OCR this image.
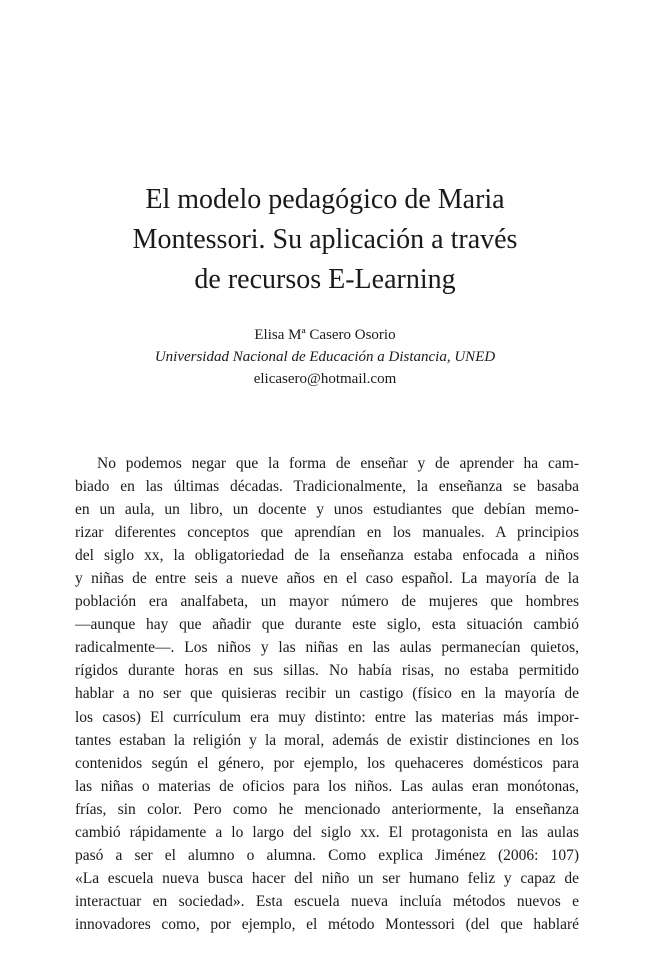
El modelo pedagógico de Maria
Montessori. Su aplicación a través
de recursos E-Learning
Elisa Mª Casero Osorio
Universidad Nacional de Educación a Distancia, UNED
elicasero@hotmail.com
No podemos negar que la forma de enseñar y de aprender ha cam-
biado en las últimas décadas. Tradicionalmente, la enseñanza se basaba
en un aula, un libro, un docente y unos estudiantes que debían memo-
rizar diferentes conceptos que aprendían en los manuales. A principios
del siglo xx, la obligatoriedad de la enseñanza estaba enfocada a niños
y niñas de entre seis a nueve años en el caso español. La mayoría de la
población era analfabeta, un mayor número de mujeres que hombres
—aunque hay que añadir que durante este siglo, esta situación cambió
radicalmente—. Los niños y las niñas en las aulas permanecían quietos,
rígidos durante horas en sus sillas. No había risas, no estaba permitido
hablar a no ser que quisieras recibir un castigo (físico en la mayoría de
los casos) El currículum era muy distinto: entre las materias más impor-
tantes estaban la religión y la moral, además de existir distinciones en los
contenidos según el género, por ejemplo, los quehaceres domésticos para
las niñas o materias de oficios para los niños. Las aulas eran monótonas,
frías, sin color. Pero como he mencionado anteriormente, la enseñanza
cambió rápidamente a lo largo del siglo xx. El protagonista en las aulas
pasó a ser el alumno o alumna. Como explica Jiménez (2006: 107)
«La escuela nueva busca hacer del niño un ser humano feliz y capaz de
interactuar en sociedad». Esta escuela nueva incluía métodos nuevos e
innovadores como, por ejemplo, el método Montessori (del que hablaré
